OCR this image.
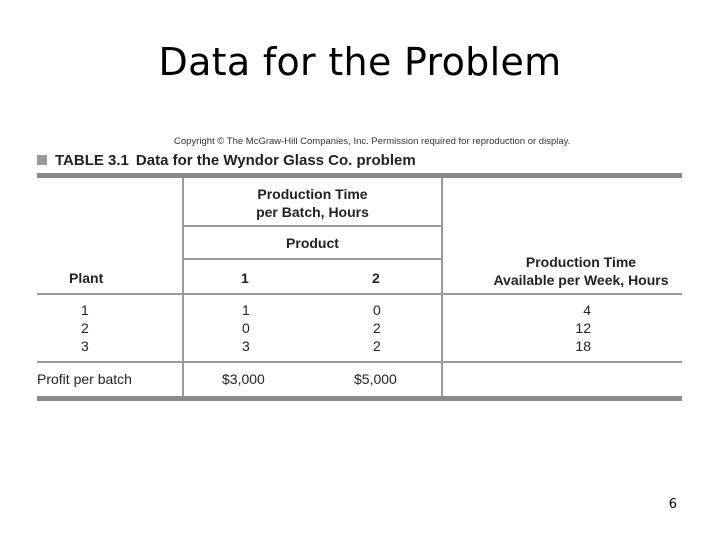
Data for the Problem
Copyright © The McGraw-Hill Companies, Inc. Permission required for reproduction or display.
TABLE 3.1 Data for the Wyndor Glass Co. problem
Production Time
per Batch, Hours
Product
Plant	1	2
Production Time
Available per Week, Hours
1	1	0	4
2	0	2	12
3	3	2	18
Profit per batch	$3,000	$5,000
6
